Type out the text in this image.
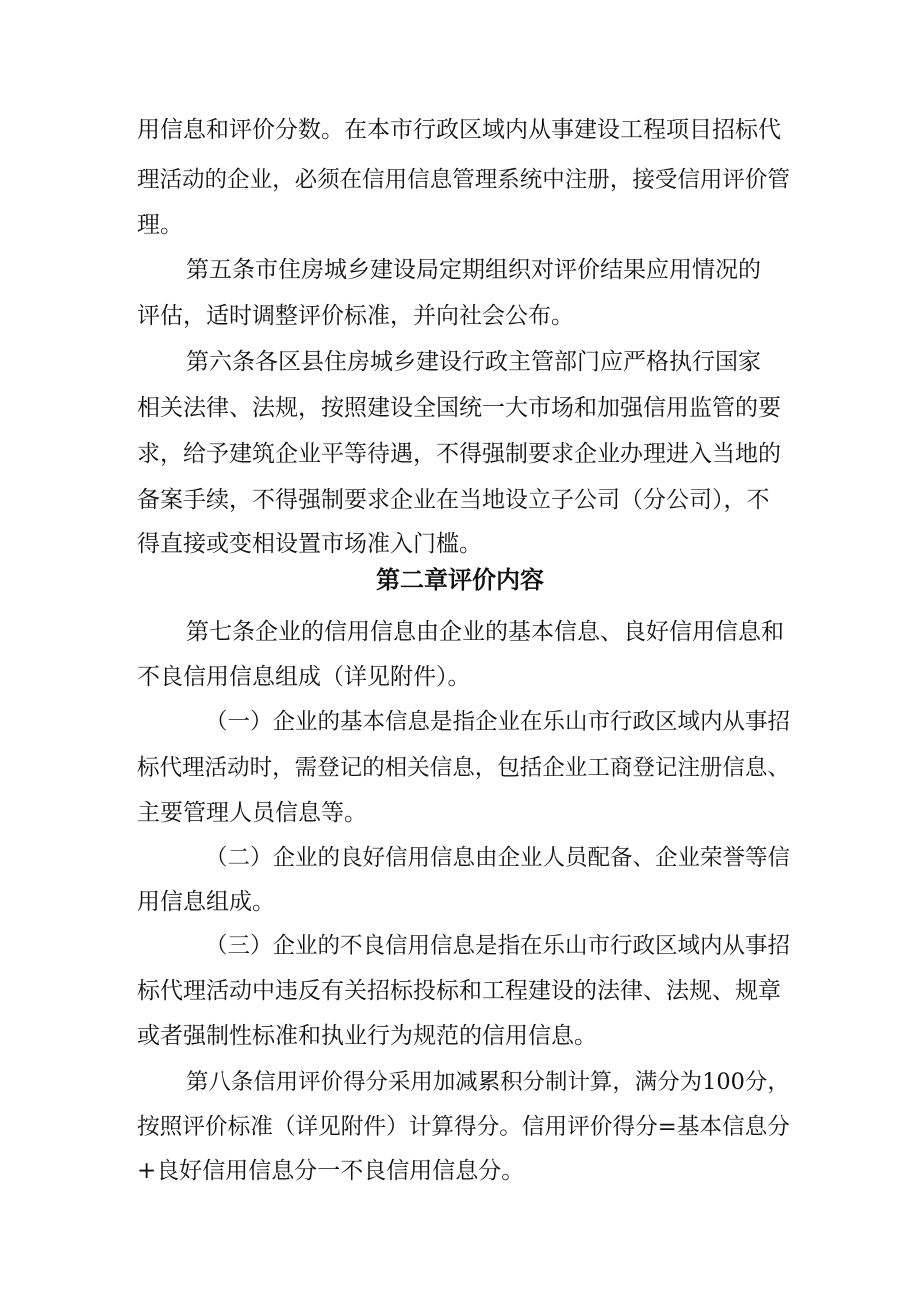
用信息和评价分数。在本市行政区域内从事建设工程项目招标代
理活动的企业，必须在信用信息管理系统中注册，接受信用评价管
理。
第五条市住房城乡建设局定期组织对评价结果应用情况的
评估，适时调整评价标准，并向社会公布。
第六条各区县住房城乡建设行政主管部门应严格执行国家
相关法律、法规，按照建设全国统一大市场和加强信用监管的要
求，给予建筑企业平等待遇，不得强制要求企业办理进入当地的
备案手续，不得强制要求企业在当地设立子公司（分公司），不
得直接或变相设置市场准入门槛。
第二章评价内容
第七条企业的信用信息由企业的基本信息、良好信用信息和
不良信用信息组成（详见附件）。
（一）企业的基本信息是指企业在乐山市行政区域内从事招
标代理活动时，需登记的相关信息，包括企业工商登记注册信息、
主要管理人员信息等。
（二）企业的良好信用信息由企业人员配备、企业荣誉等信
用信息组成。
（三）企业的不良信用信息是指在乐山市行政区域内从事招
标代理活动中违反有关招标投标和工程建设的法律、法规、规章
或者强制性标准和执业行为规范的信用信息。
第八条信用评价得分采用加减累积分制计算，满分为100分，
按照评价标准（详见附件）计算得分。信用评价得分=基本信息分
+良好信用信息分一不良信用信息分。
